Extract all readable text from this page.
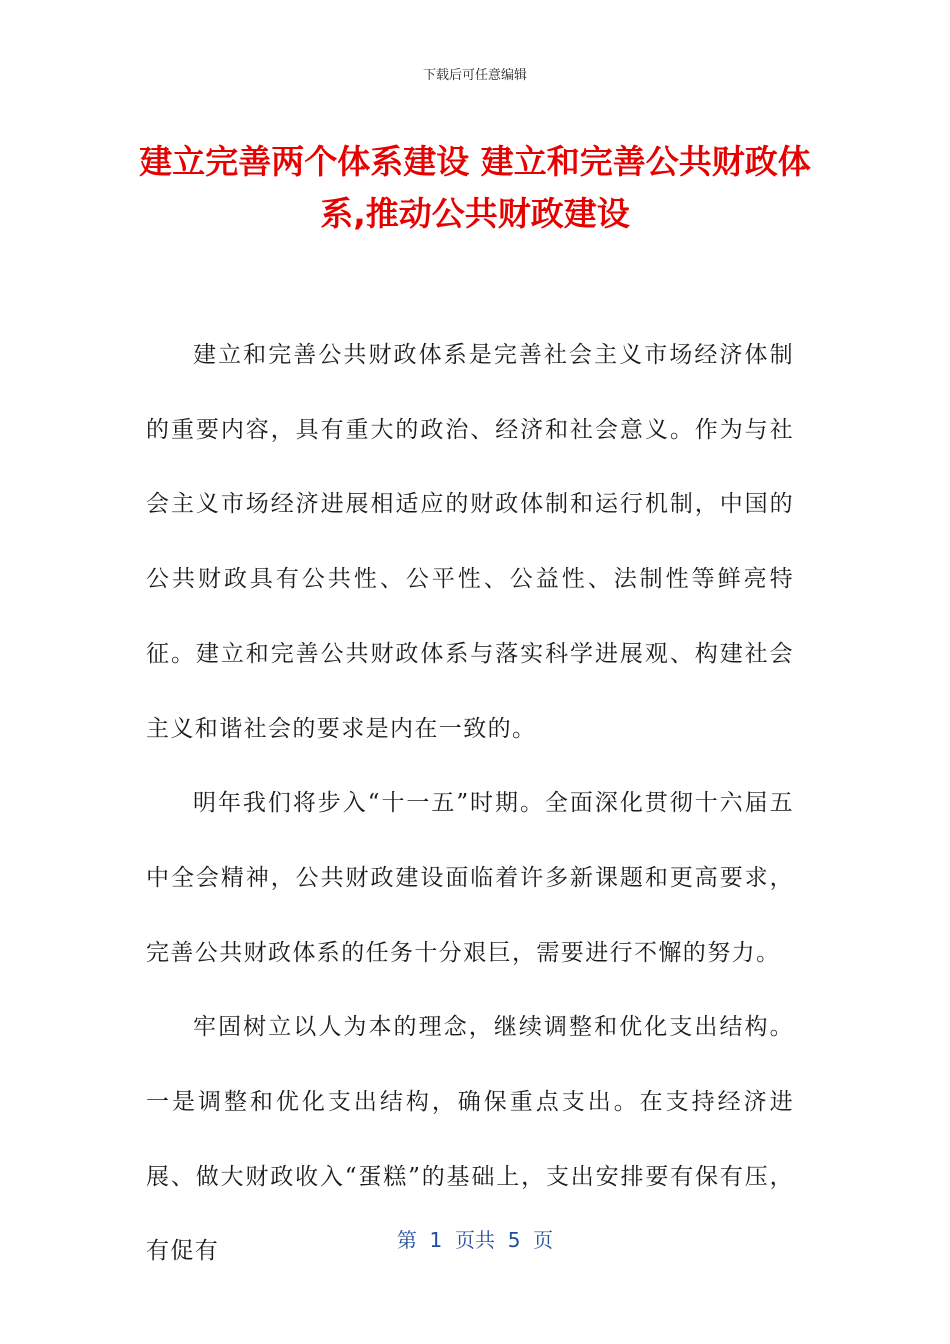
下载后可任意编辑
建立完善两个体系建设 建立和完善公共财政体系,推动公共财政建设

建立和完善公共财政体系是完善社会主义市场经济体制的重要内容，具有重大的政治、经济和社会意义。作为与社会主义市场经济进展相适应的财政体制和运行机制，中国的公共财政具有公共性、公平性、公益性、法制性等鲜亮特征。建立和完善公共财政体系与落实科学进展观、构建社会主义和谐社会的要求是内在一致的。

明年我们将步入“十一五”时期。全面深化贯彻十六届五中全会精神，公共财政建设面临着许多新课题和更高要求，完善公共财政体系的任务十分艰巨，需要进行不懈的努力。

牢固树立以人为本的理念，继续调整和优化支出结构。一是调整和优化支出结构，确保重点支出。在支持经济进展、做大财政收入“蛋糕”的基础上，支出安排要有保有压，有促有	第  1  页共  5  页
